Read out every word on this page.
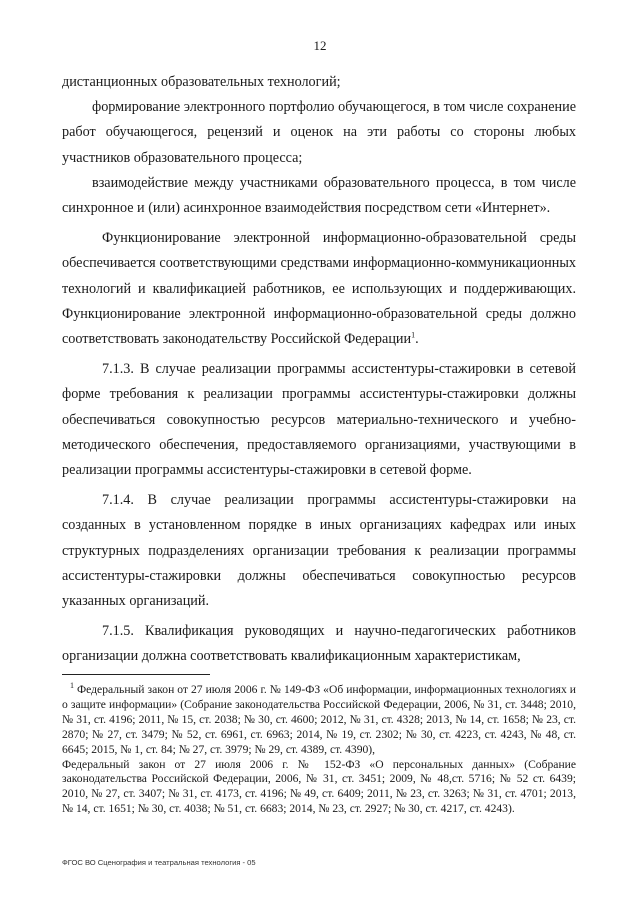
12

дистанционных образовательных технологий;

формирование электронного портфолио обучающегося, в том числе сохранение работ обучающегося, рецензий и оценок на эти работы со стороны любых участников образовательного процесса;

взаимодействие между участниками образовательного процесса, в том числе синхронное и (или) асинхронное взаимодействия посредством сети «Интернет».

Функционирование электронной информационно-образовательной среды обеспечивается соответствующими средствами информационно-коммуникационных технологий и квалификацией работников, ее использующих и поддерживающих. Функционирование электронной информационно-образовательной среды должно соответствовать законодательству Российской Федерации$^1$.

7.1.3. В случае реализации программы ассистентуры-стажировки в сетевой форме требования к реализации программы ассистентуры-стажировки должны обеспечиваться совокупностью ресурсов материально-технического и учебно-методического обеспечения, предоставляемого организациями, участвующими в реализации программы ассистентуры-стажировки в сетевой форме.

7.1.4. В случае реализации программы ассистентуры-стажировки на созданных в установленном порядке в иных организациях кафедрах или иных структурных подразделениях организации требования к реализации программы ассистентуры-стажировки должны обеспечиваться совокупностью ресурсов указанных организаций.

7.1.5. Квалификация руководящих и научно-педагогических работников организации должна соответствовать квалификационным характеристикам,

$^1$ Федеральный закон от 27 июля 2006 г. № 149-ФЗ «Об информации, информационных технологиях и о защите информации» (Собрание законодательства Российской Федерации, 2006, № 31, ст. 3448; 2010, № 31, ст. 4196; 2011, № 15, ст. 2038; № 30, ст. 4600; 2012, № 31, ст. 4328; 2013, № 14, ст. 1658; № 23, ст. 2870; № 27, ст. 3479; № 52, ст. 6961, ст. 6963; 2014, № 19, ст. 2302; № 30, ст. 4223, ст. 4243, № 48, ст. 6645; 2015, № 1, ст. 84; № 27, ст. 3979; № 29, ст. 4389, ст. 4390),

Федеральный закон от 27 июля 2006 г. № 152-ФЗ «О персональных данных» (Собрание законодательства Российской Федерации, 2006, № 31, ст. 3451; 2009, № 48,ст. 5716; № 52 ст. 6439; 2010, № 27, ст. 3407; № 31, ст. 4173, ст. 4196; № 49, ст. 6409; 2011, № 23, ст. 3263; № 31, ст. 4701; 2013, № 14, ст. 1651; № 30, ст. 4038; № 51, ст. 6683; 2014, № 23, ст. 2927; № 30, ст. 4217, ст. 4243).

ФГОС ВО Сценография и театральная технология - 05
